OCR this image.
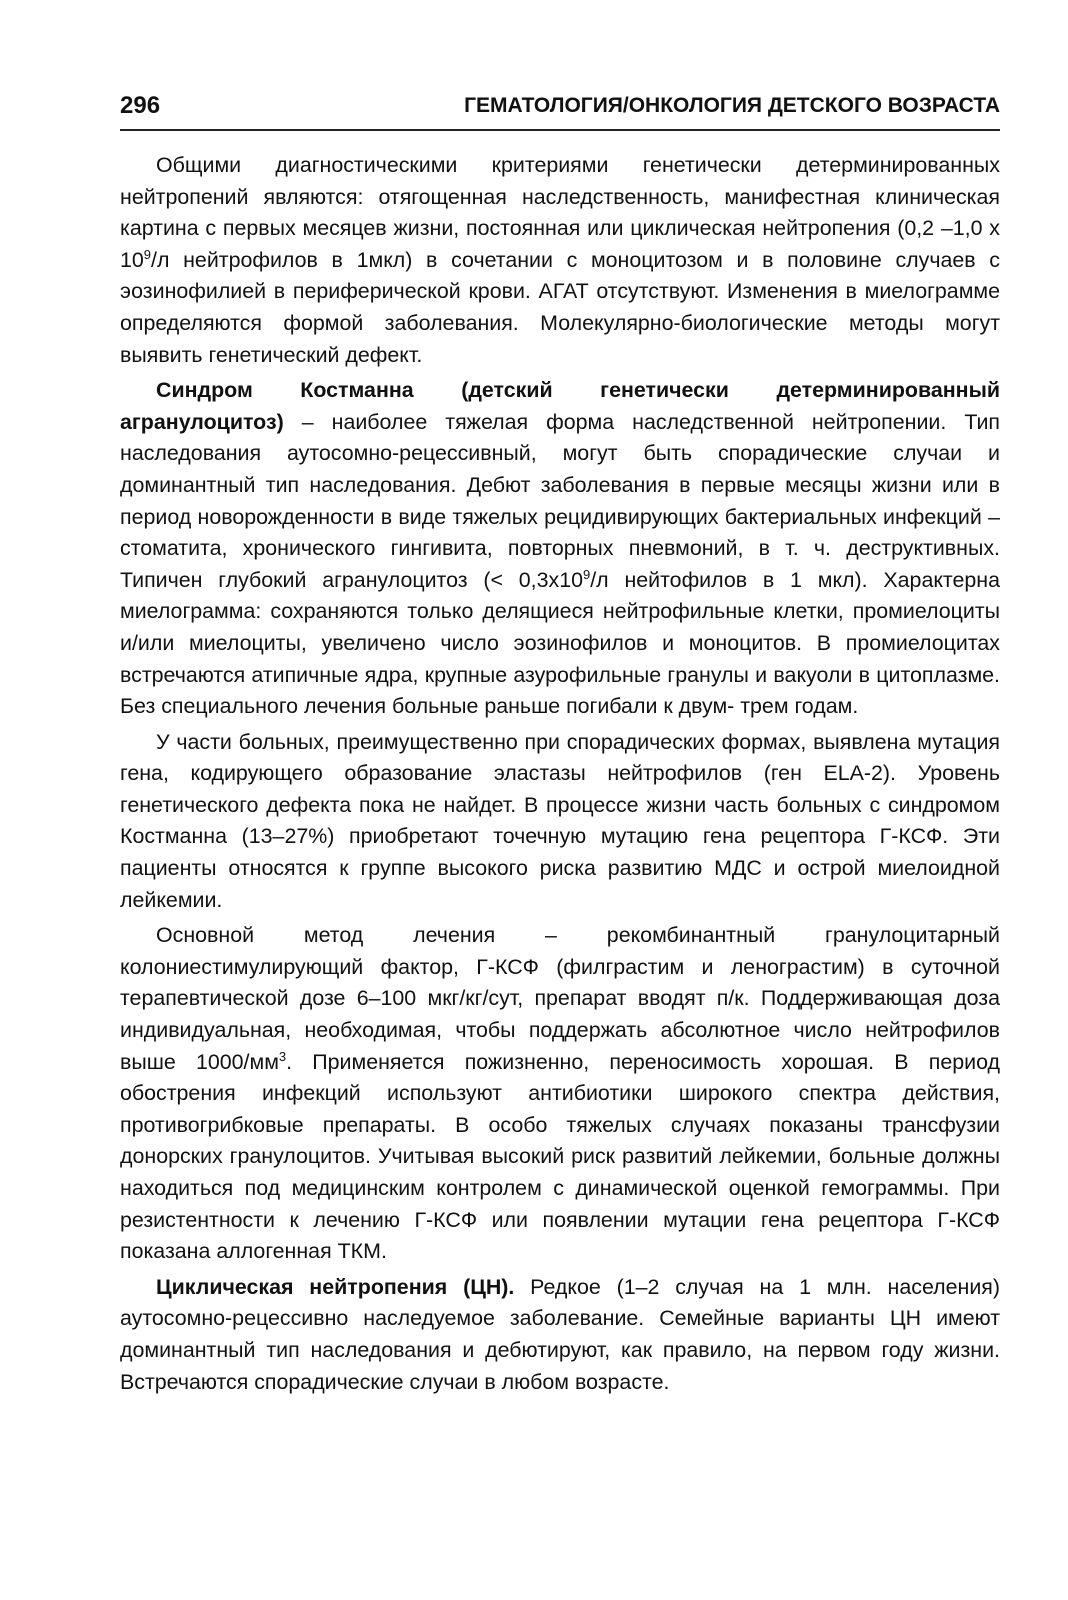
296	ГЕМАТОЛОГИЯ/ОНКОЛОГИЯ ДЕТСКОГО ВОЗРАСТА

Общими диагностическими критериями генетически детерминированных нейтропений являются: отягощенная наследственность, манифестная клиническая картина с первых месяцев жизни, постоянная или циклическая нейтропения (0,2 –1,0 х $10^9/л$ нейтрофилов в 1мкл) в сочетании с моноцитозом и в половине случаев с эозинофилией в периферической крови. АГАТ отсутствуют. Изменения в миелограмме определяются формой заболевания. Молекулярно-биологические методы могут выявить генетический дефект.

Синдром Костманна (детский генетически детерминированный агранулоцитоз) – наиболее тяжелая форма наследственной нейтропении. Тип наследования аутосомно-рецессивный, могут быть спорадические случаи и доминантный тип наследования. Дебют заболевания в первые месяцы жизни или в период новорожденности в виде тяжелых рецидивирующих бактериальных инфекций – стоматита, хронического гингивита, повторных пневмоний, в т. ч. деструктивных. Типичен глубокий агранулоцитоз (< $0,3х10^9/л$ нейтофилов в 1 мкл). Характерна миелограмма: сохраняются только делящиеся нейтрофильные клетки, промиелоциты и/или миелоциты, увеличено число эозинофилов и моноцитов. В промиелоцитах встречаются атипичные ядра, крупные азурофильные гранулы и вакуоли в цитоплазме. Без специального лечения больные раньше погибали к двум- трем годам.

У части больных, преимущественно при спорадических формах, выявлена мутация гена, кодирующего образование эластазы нейтрофилов (ген ELA-2). Уровень генетического дефекта пока не найдет. В процессе жизни часть больных с синдромом Костманна (13–27%) приобретают точечную мутацию гена рецептора Г-КСФ. Эти пациенты относятся к группе высокого риска развитию МДС и острой миелоидной лейкемии.

Основной метод лечения – рекомбинантный гранулоцитарный колониестимулирующий фактор, Г-КСФ (филграстим и ленограстим) в суточной терапевтической дозе 6–100 мкг/кг/сут, препарат вводят п/к. Поддерживающая доза индивидуальная, необходимая, чтобы поддержать абсолютное число нейтрофилов выше $1000/мм^3$. Применяется пожизненно, переносимость хорошая. В период обострения инфекций используют антибиотики широкого спектра действия, противогрибковые препараты. В особо тяжелых случаях показаны трансфузии донорских гранулоцитов. Учитывая высокий риск развитий лейкемии, больные должны находиться под медицинским контролем с динамической оценкой гемограммы. При резистентности к лечению Г-КСФ или появлении мутации гена рецептора Г-КСФ показана аллогенная ТКМ.

Циклическая нейтропения (ЦН). Редкое (1–2 случая на 1 млн. населения) аутосомно-рецессивно наследуемое заболевание. Семейные варианты ЦН имеют доминантный тип наследования и дебютируют, как правило, на первом году жизни. Встречаются спорадические случаи в любом возрасте.
